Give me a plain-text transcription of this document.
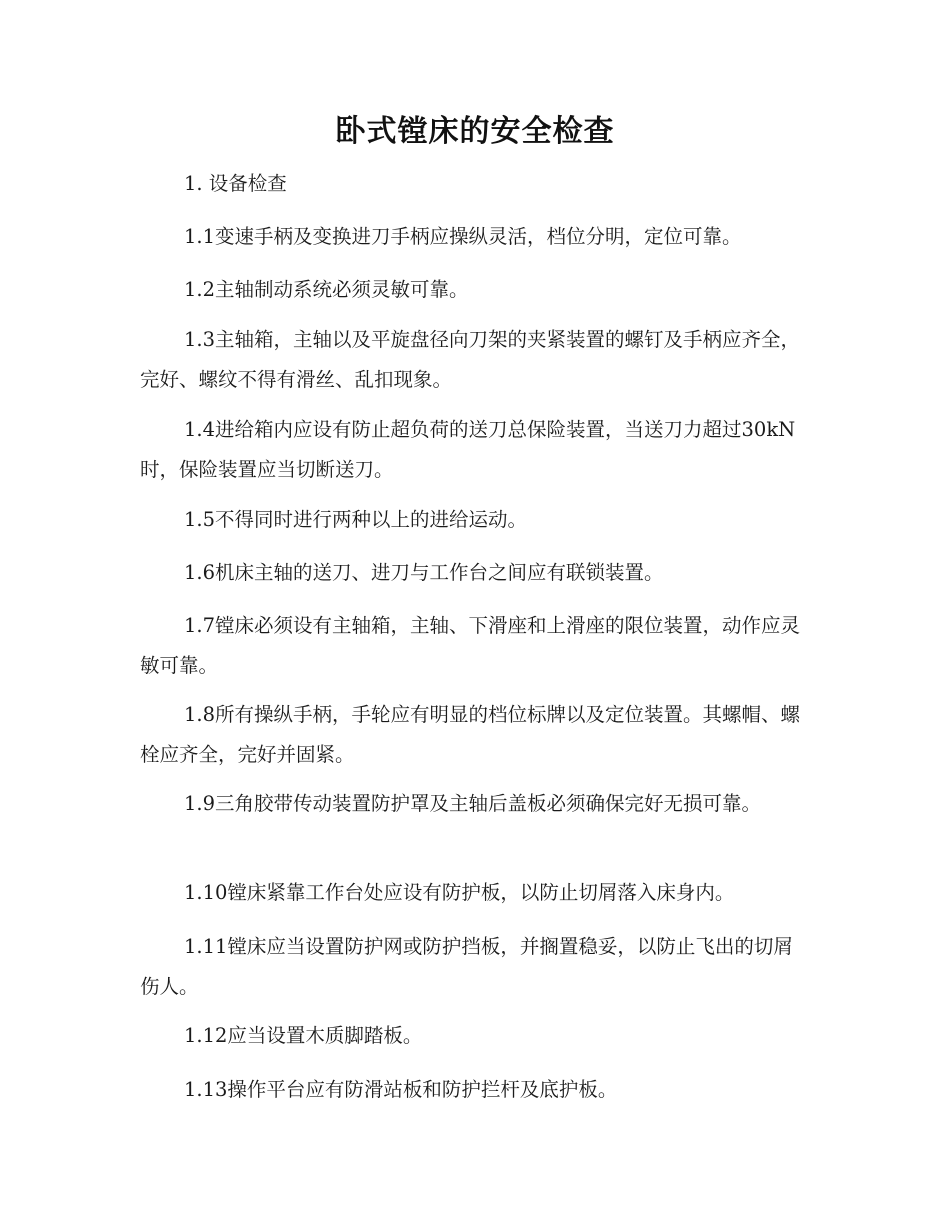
卧式镗床的安全检查

1. 设备检查

1.1变速手柄及变换进刀手柄应操纵灵活，档位分明，定位可靠。

1.2主轴制动系统必须灵敏可靠。

1.3主轴箱，主轴以及平旋盘径向刀架的夹紧装置的螺钉及手柄应齐全，完好、螺纹不得有滑丝、乱扣现象。

1.4进给箱内应设有防止超负荷的送刀总保险装置，当送刀力超过30kN时，保险装置应当切断送刀。

1.5不得同时进行两种以上的进给运动。

1.6机床主轴的送刀、进刀与工作台之间应有联锁装置。

1.7镗床必须设有主轴箱，主轴、下滑座和上滑座的限位装置，动作应灵敏可靠。

1.8所有操纵手柄，手轮应有明显的档位标牌以及定位装置。其螺帽、螺栓应齐全，完好并固紧。

1.9三角胶带传动装置防护罩及主轴后盖板必须确保完好无损可靠。

1.10镗床紧靠工作台处应设有防护板，以防止切屑落入床身内。

1.11镗床应当设置防护网或防护挡板，并搁置稳妥，以防止飞出的切屑伤人。

1.12应当设置木质脚踏板。

1.13操作平台应有防滑站板和防护拦杆及底护板。
